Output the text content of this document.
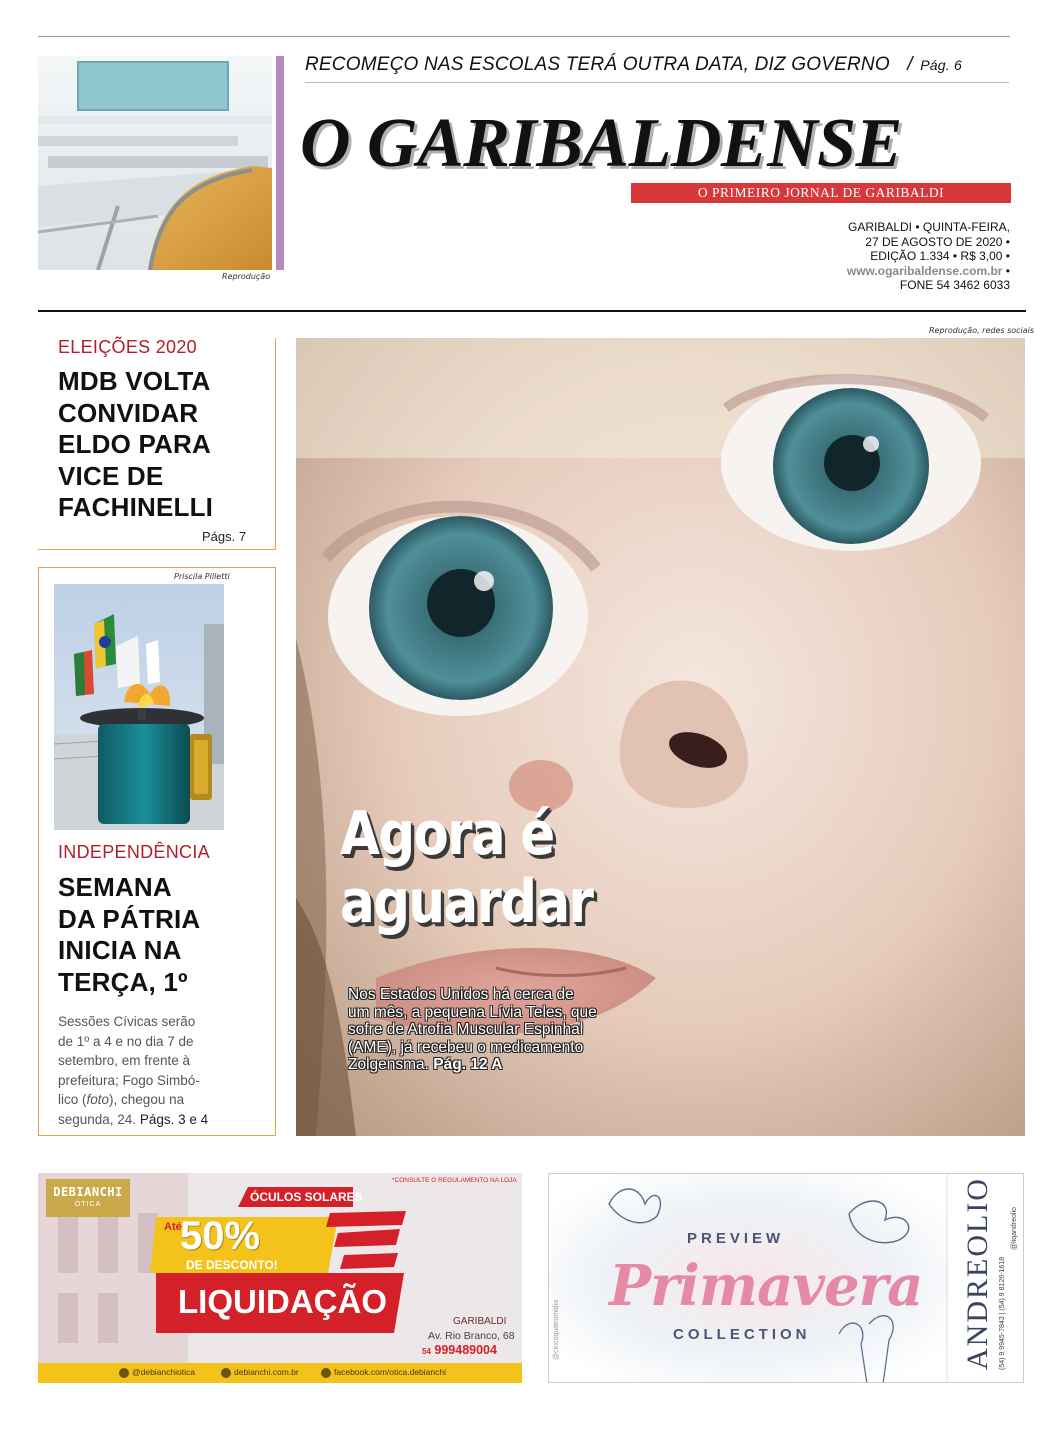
Reprodução
RECOMEÇO NAS ESCOLAS TERÁ OUTRA DATA, DIZ GOVERNO / Pág. 6
O GARIBALDENSE
O PRIMEIRO JORNAL DE GARIBALDI
GARIBALDI • QUINTA-FEIRA,
27 DE AGOSTO DE 2020 •
EDIÇÃO 1.334 • R$ 3,00 •
www.ogaribaldense.com.br •
FONE 54 3462 6033
ELEIÇÕES 2020
MDB VOLTA
CONVIDAR
ELDO PARA
VICE DE
FACHINELLI
Págs. 7
Priscila Pilletti
INDEPENDÊNCIA
SEMANA
DA PÁTRIA
INICIA NA
TERÇA, 1º
Sessões Cívicas serão
de 1º a 4 e no dia 7 de
setembro, em frente à
prefeitura; Fogo Simbó-
lico (foto), chegou na
segunda, 24. Págs. 3 e 4
Reprodução, redes sociais
Agora é
aguardar
Nos Estados Unidos há cerca de
um mês, a pequena Lívia Teles, que
sofre de Atrofia Muscular Espinhal
(AME), já recebeu o medicamento
Zolgensma. Pág. 12 A
DEBIANCHI
ÓTICA
*CONSULTE O REGULAMENTO NA LOJA
ÓCULOS SOLARES
Até
50%
DE DESCONTO!
LIQUIDAÇÃO
GARIBALDI
Av. Rio Branco, 68
54 999489004
@debianchiotica	debianchi.com.br	facebook.com/otica.debianchi
@cincoquatromidia
PREVIEW
Primavera
COLLECTION	ANDREOLIO (54) 9 9945-7843 | (54) 9 8126-1618
@liqandreolio
